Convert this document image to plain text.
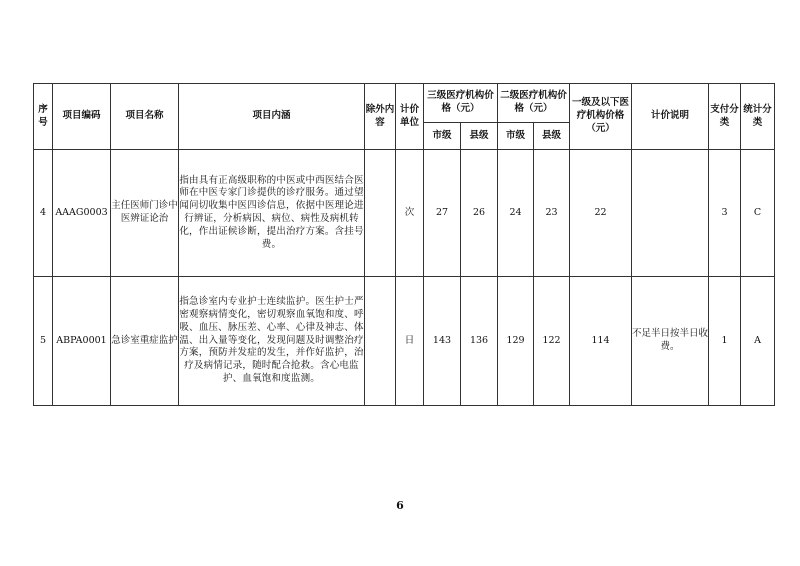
序号	项目编码	项目名称	项目内涵	除外内容	计价单位	三级医疗机构价格（元）		二级医疗机构价格（元）		一级及以下医疗机构价格（元）	计价说明	支付分类	统计分类
						市级	县级	市级	县级				
4	AAAG0003	主任医师门诊中医辨证论治	指由具有正高级职称的中医或中西医结合医师在中医专家门诊提供的诊疗服务。通过望闻问切收集中医四诊信息，依据中医理论进行辨证，分析病因、病位、病性及病机转化，作出证候诊断，提出治疗方案。含挂号费。		次	27	26	24	23	22		3	C
5	ABPA0001	急诊室重症监护	指急诊室内专业护士连续监护。医生护士严密观察病情变化，密切观察血氧饱和度、呼吸、血压、脉压差、心率、心律及神志、体温、出入量等变化，发现问题及时调整治疗方案，预防并发症的发生，并作好监护，治疗及病情记录，随时配合抢救。含心电监护、血氧饱和度监测。		日	143	136	129	122	114	不足半日按半日收费。	1	A
6
